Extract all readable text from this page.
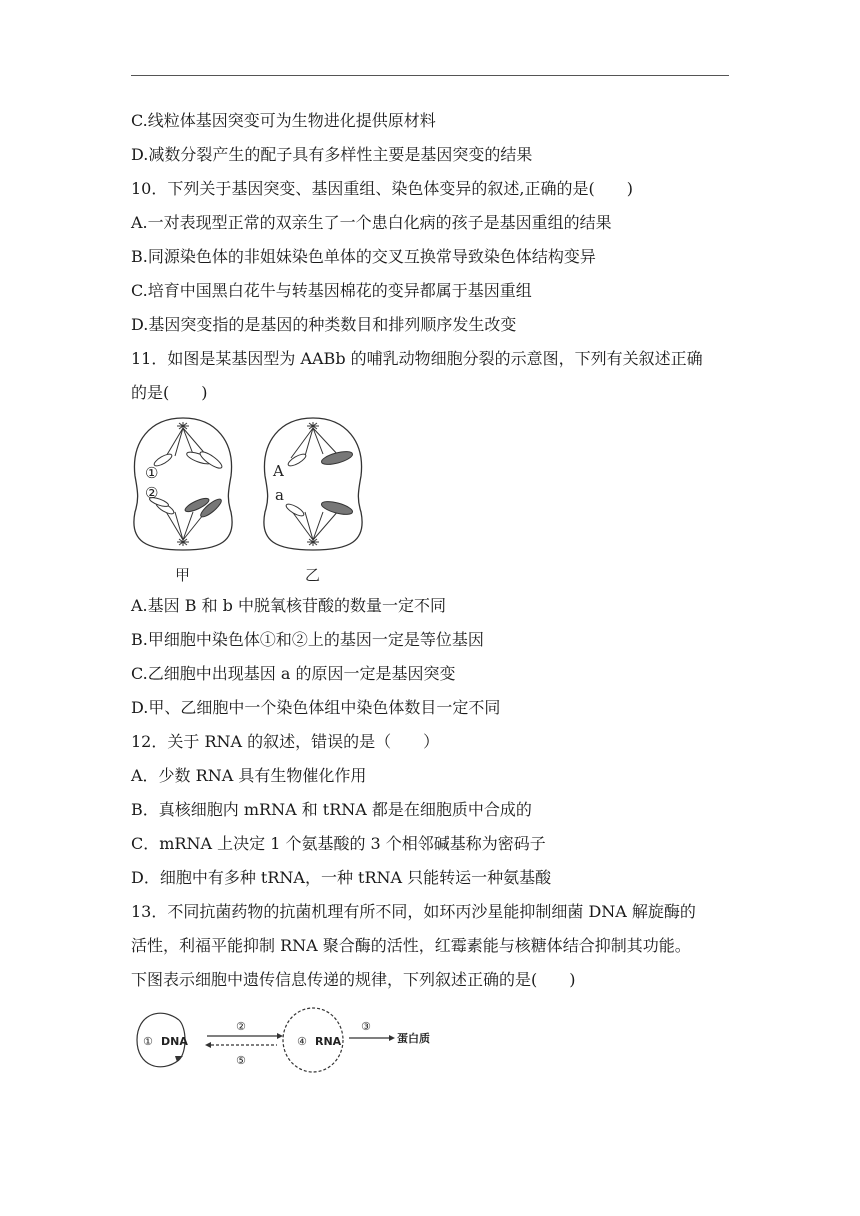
C.线粒体基因突变可为生物进化提供原材料
D.减数分裂产生的配子具有多样性主要是基因突变的结果
10．下列关于基因突变、基因重组、染色体变异的叙述,正确的是(　　)
A.一对表现型正常的双亲生了一个患白化病的孩子是基因重组的结果
B.同源染色体的非姐妹染色单体的交叉互换常导致染色体结构变异
C.培育中国黑白花牛与转基因棉花的变异都属于基因重组
D.基因突变指的是基因的种类数目和排列顺序发生改变
11．如图是某基因型为 AABb 的哺乳动物细胞分裂的示意图，下列有关叙述正确
的是(　　)
①
②
A
a
甲	乙
A.基因 B 和 b 中脱氧核苷酸的数量一定不同
B.甲细胞中染色体①和②上的基因一定是等位基因
C.乙细胞中出现基因 a 的原因一定是基因突变
D.甲、乙细胞中一个染色体组中染色体数目一定不同
12．关于 RNA 的叙述，错误的是（　　）
A．少数 RNA 具有生物催化作用
B．真核细胞内 mRNA 和 tRNA 都是在细胞质中合成的
C．mRNA 上决定 1 个氨基酸的 3 个相邻碱基称为密码子
D．细胞中有多种 tRNA，一种 tRNA 只能转运一种氨基酸
13．不同抗菌药物的抗菌机理有所不同，如环丙沙星能抑制细菌 DNA 解旋酶的
活性，利福平能抑制 RNA 聚合酶的活性，红霉素能与核糖体结合抑制其功能。
下图表示细胞中遗传信息传递的规律，下列叙述正确的是(　　)
① DNA
②
⑤
④ RNA
③
蛋白质
